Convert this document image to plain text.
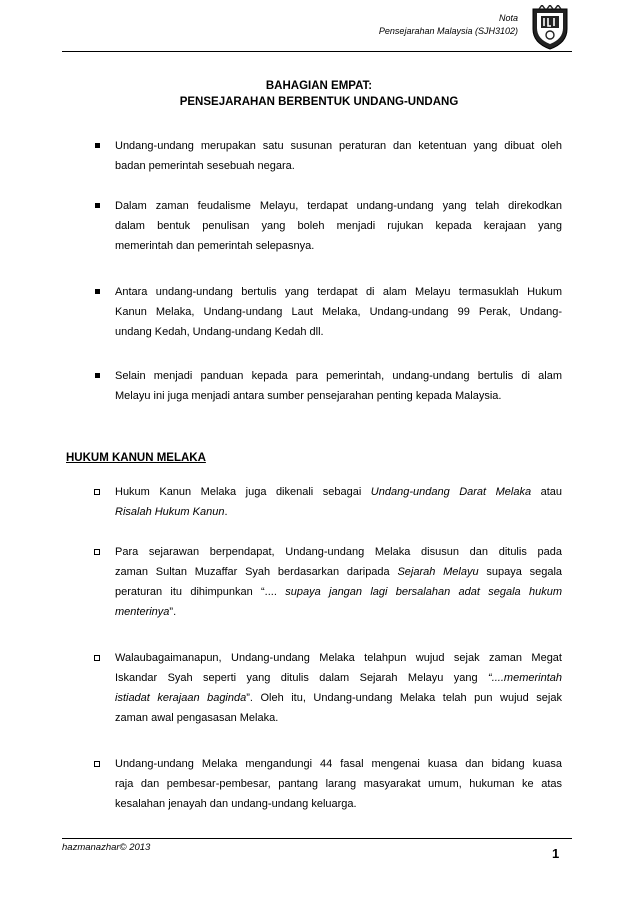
Nota
Pensejarahan Malaysia (SJH3102)
BAHAGIAN EMPAT:
PENSEJARAHAN BERBENTUK UNDANG-UNDANG
Undang-undang merupakan satu susunan peraturan dan ketentuan yang dibuat oleh
badan pemerintah sesebuah negara.
Dalam zaman feudalisme Melayu, terdapat undang-undang yang telah direkodkan
dalam bentuk penulisan yang boleh menjadi rujukan kepada kerajaan yang
memerintah dan pemerintah selepasnya.
Antara undang-undang bertulis yang terdapat di alam Melayu termasuklah Hukum
Kanun Melaka, Undang-undang Laut Melaka, Undang-undang 99 Perak, Undang-
undang Kedah, Undang-undang Kedah dll.
Selain menjadi panduan kepada para pemerintah, undang-undang bertulis di alam
Melayu ini juga menjadi antara sumber pensejarahan penting kepada Malaysia.
HUKUM KANUN MELAKA
Hukum Kanun Melaka juga dikenali sebagai Undang-undang Darat Melaka atau
Risalah Hukum Kanun.
Para sejarawan berpendapat, Undang-undang Melaka disusun dan ditulis pada
zaman Sultan Muzaffar Syah berdasarkan daripada Sejarah Melayu supaya segala
peraturan itu dihimpunkan “.... supaya jangan lagi bersalahan adat segala hukum
menterinya”.
Walaubagaimanapun, Undang-undang Melaka telahpun wujud sejak zaman Megat
Iskandar Syah seperti yang ditulis dalam Sejarah Melayu yang “....memerintah
istiadat kerajaan baginda”. Oleh itu, Undang-undang Melaka telah pun wujud sejak
zaman awal pengasasan Melaka.
Undang-undang Melaka mengandungi 44 fasal mengenai kuasa dan bidang kuasa
raja dan pembesar-pembesar, pantang larang masyarakat umum, hukuman ke atas
kesalahan jenayah dan undang-undang keluarga.
hazmanazhar© 2013	1
